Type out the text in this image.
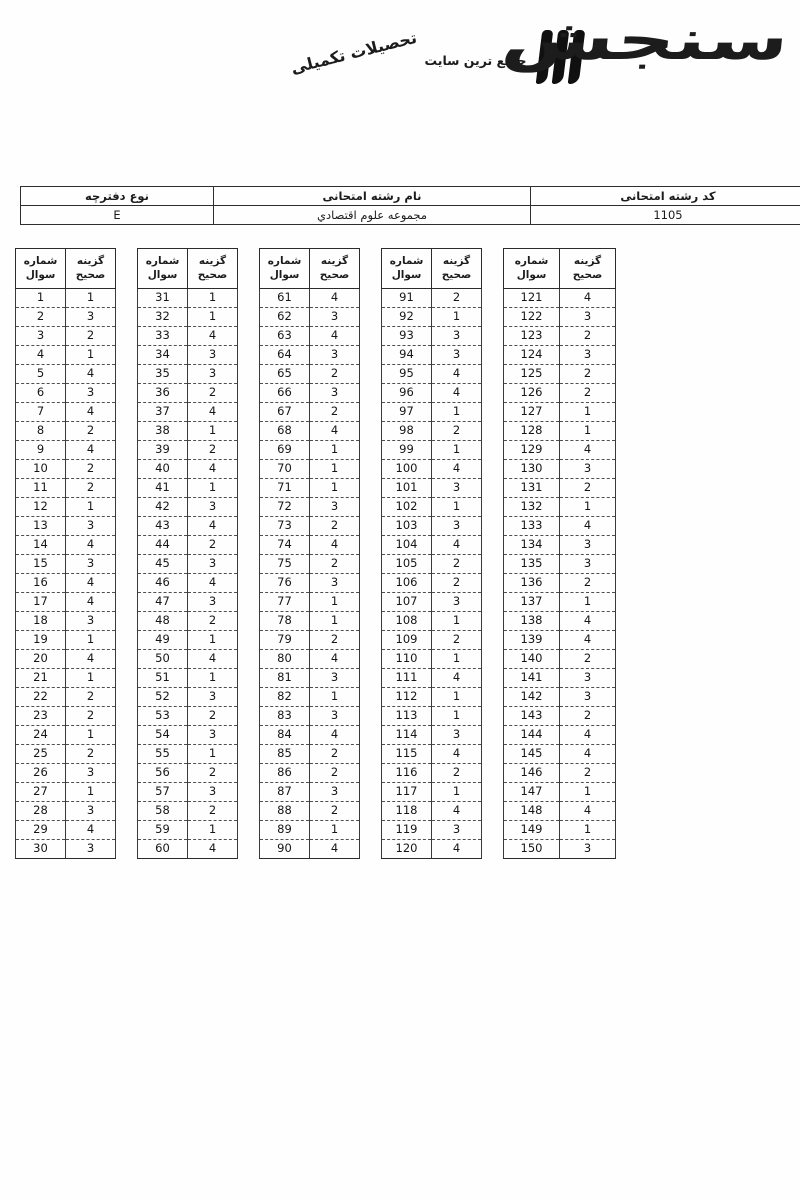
جامع ترین سایت تحصیلات تکمیلی	سنجش
کد رشته امتحانی	نام رشته امتحانی	نوع دفترچه
1105	مجموعه علوم اقتصادي	E
شماره
سوال	گزینه
صحیح
1	1
2	3
3	2
4	1
5	4
6	3
7	4
8	2
9	4
10	2
11	2
12	1
13	3
14	4
15	3
16	4
17	4
18	3
19	1
20	4
21	1
22	2
23	2
24	1
25	2
26	3
27	1
28	3
29	4
30	3
شماره
سوال	گزینه
صحیح
31	1
32	1
33	4
34	3
35	3
36	2
37	4
38	1
39	2
40	4
41	1
42	3
43	4
44	2
45	3
46	4
47	3
48	2
49	1
50	4
51	1
52	3
53	2
54	3
55	1
56	2
57	3
58	2
59	1
60	4
شماره
سوال	گزینه
صحیح
61	4
62	3
63	4
64	3
65	2
66	3
67	2
68	4
69	1
70	1
71	1
72	3
73	2
74	4
75	2
76	3
77	1
78	1
79	2
80	4
81	3
82	1
83	3
84	4
85	2
86	2
87	3
88	2
89	1
90	4
شماره
سوال	گزینه
صحیح
91	2
92	1
93	3
94	3
95	4
96	4
97	1
98	2
99	1
100	4
101	3
102	1
103	3
104	4
105	2
106	2
107	3
108	1
109	2
110	1
111	4
112	1
113	1
114	3
115	4
116	2
117	1
118	4
119	3
120	4
شماره
سوال	گزینه
صحیح
121	4
122	3
123	2
124	3
125	2
126	2
127	1
128	1
129	4
130	3
131	2
132	1
133	4
134	3
135	3
136	2
137	1
138	4
139	4
140	2
141	3
142	3
143	2
144	4
145	4
146	2
147	1
148	4
149	1
150	3
